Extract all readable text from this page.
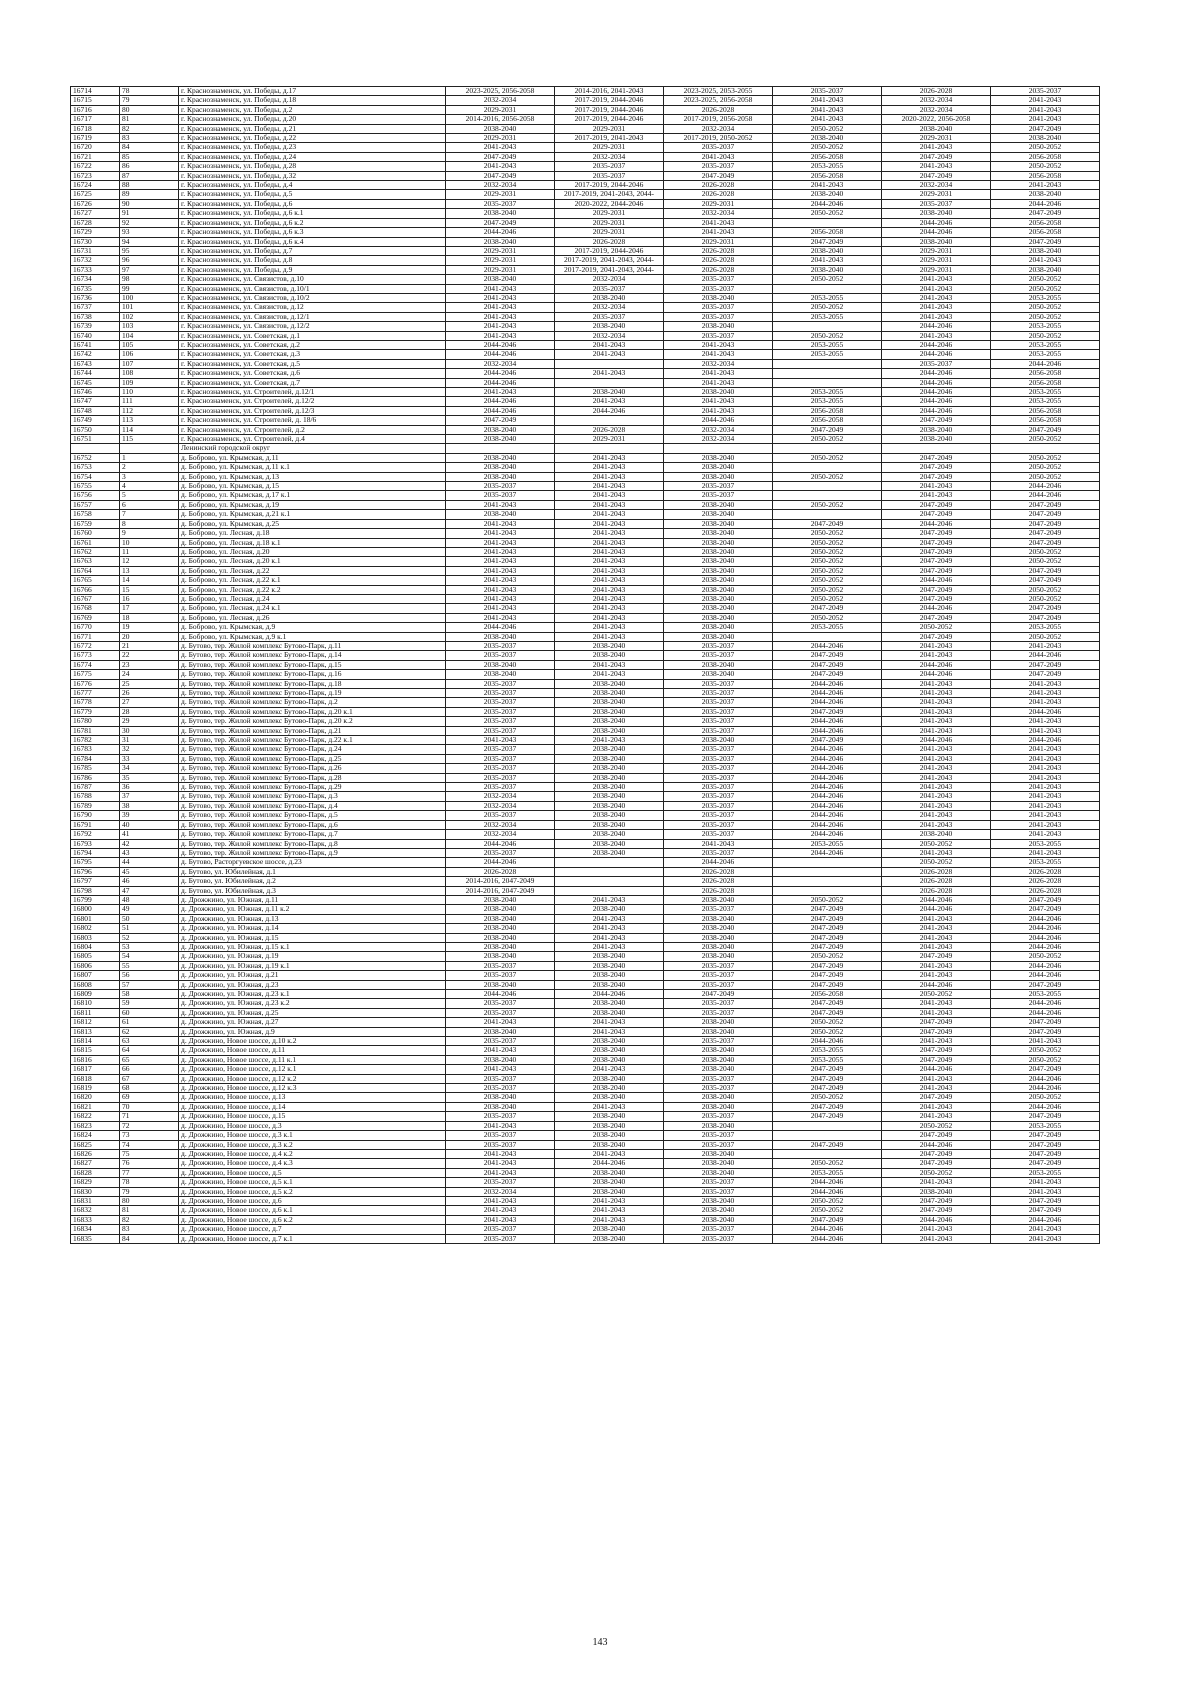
16714	78	г. Краснознаменск, ул. Победы, д.17	2023-2025, 2056-2058	2014-2016, 2041-2043	2023-2025, 2053-2055	2035-2037	2026-2028	2035-2037
16715	79	г. Краснознаменск, ул. Победы, д.18	2032-2034	2017-2019, 2044-2046	2023-2025, 2056-2058	2041-2043	2032-2034	2041-2043
16716	80	г. Краснознаменск, ул. Победы, д.2	2029-2031	2017-2019, 2044-2046	2026-2028	2041-2043	2032-2034	2041-2043
16717	81	г. Краснознаменск, ул. Победы, д.20	2014-2016, 2056-2058	2017-2019, 2044-2046	2017-2019, 2056-2058	2041-2043	2020-2022, 2056-2058	2041-2043
16718	82	г. Краснознаменск, ул. Победы, д.21	2038-2040	2029-2031	2032-2034	2050-2052	2038-2040	2047-2049
16719	83	г. Краснознаменск, ул. Победы, д.22	2029-2031	2017-2019, 2041-2043	2017-2019, 2050-2052	2038-2040	2029-2031	2038-2040
16720	84	г. Краснознаменск, ул. Победы, д.23	2041-2043	2029-2031	2035-2037	2050-2052	2041-2043	2050-2052
16721	85	г. Краснознаменск, ул. Победы, д.24	2047-2049	2032-2034	2041-2043	2056-2058	2047-2049	2056-2058
16722	86	г. Краснознаменск, ул. Победы, д.28	2041-2043	2035-2037	2035-2037	2053-2055	2041-2043	2050-2052
16723	87	г. Краснознаменск, ул. Победы, д.32	2047-2049	2035-2037	2047-2049	2056-2058	2047-2049	2056-2058
16724	88	г. Краснознаменск, ул. Победы, д.4	2032-2034	2017-2019, 2044-2046	2026-2028	2041-2043	2032-2034	2041-2043
16725	89	г. Краснознаменск, ул. Победы, д.5	2029-2031	2017-2019, 2041-2043, 2044-	2026-2028	2038-2040	2029-2031	2038-2040
16726	90	г. Краснознаменск, ул. Победы, д.6	2035-2037	2020-2022, 2044-2046	2029-2031	2044-2046	2035-2037	2044-2046
16727	91	г. Краснознаменск, ул. Победы, д.6 к.1	2038-2040	2029-2031	2032-2034	2050-2052	2038-2040	2047-2049
16728	92	г. Краснознаменск, ул. Победы, д.6 к.2	2047-2049	2029-2031	2041-2043		2044-2046	2056-2058
16729	93	г. Краснознаменск, ул. Победы, д.6 к.3	2044-2046	2029-2031	2041-2043	2056-2058	2044-2046	2056-2058
16730	94	г. Краснознаменск, ул. Победы, д.6 к.4	2038-2040	2026-2028	2029-2031	2047-2049	2038-2040	2047-2049
16731	95	г. Краснознаменск, ул. Победы, д.7	2029-2031	2017-2019, 2044-2046	2026-2028	2038-2040	2029-2031	2038-2040
16732	96	г. Краснознаменск, ул. Победы, д.8	2029-2031	2017-2019, 2041-2043, 2044-	2026-2028	2041-2043	2029-2031	2041-2043
16733	97	г. Краснознаменск, ул. Победы, д.9	2029-2031	2017-2019, 2041-2043, 2044-	2026-2028	2038-2040	2029-2031	2038-2040
16734	98	г. Краснознаменск, ул. Связистов, д.10	2038-2040	2032-2034	2035-2037	2050-2052	2041-2043	2050-2052
16735	99	г. Краснознаменск, ул. Связистов, д.10/1	2041-2043	2035-2037	2035-2037		2041-2043	2050-2052
16736	100	г. Краснознаменск, ул. Связистов, д.10/2	2041-2043	2038-2040	2038-2040	2053-2055	2041-2043	2053-2055
16737	101	г. Краснознаменск, ул. Связистов, д.12	2041-2043	2032-2034	2035-2037	2050-2052	2041-2043	2050-2052
16738	102	г. Краснознаменск, ул. Связистов, д.12/1	2041-2043	2035-2037	2035-2037	2053-2055	2041-2043	2050-2052
16739	103	г. Краснознаменск, ул. Связистов, д.12/2	2041-2043	2038-2040	2038-2040		2044-2046	2053-2055
16740	104	г. Краснознаменск, ул. Советская, д.1	2041-2043	2032-2034	2035-2037	2050-2052	2041-2043	2050-2052
16741	105	г. Краснознаменск, ул. Советская, д.2	2044-2046	2041-2043	2041-2043	2053-2055	2044-2046	2053-2055
16742	106	г. Краснознаменск, ул. Советская, д.3	2044-2046	2041-2043	2041-2043	2053-2055	2044-2046	2053-2055
16743	107	г. Краснознаменск, ул. Советская, д.5	2032-2034		2032-2034		2035-2037	2044-2046
16744	108	г. Краснознаменск, ул. Советская, д.6	2044-2046	2041-2043	2041-2043		2044-2046	2056-2058
16745	109	г. Краснознаменск, ул. Советская, д.7	2044-2046		2041-2043		2044-2046	2056-2058
16746	110	г. Краснознаменск, ул. Строителей, д.12/1	2041-2043	2038-2040	2038-2040	2053-2055	2044-2046	2053-2055
16747	111	г. Краснознаменск, ул. Строителей, д.12/2	2044-2046	2041-2043	2041-2043	2053-2055	2044-2046	2053-2055
16748	112	г. Краснознаменск, ул. Строителей, д.12/3	2044-2046	2044-2046	2041-2043	2056-2058	2044-2046	2056-2058
16749	113	г. Краснознаменск, ул. Строителей, д. 18/6	2047-2049		2044-2046	2056-2058	2047-2049	2056-2058
16750	114	г. Краснознаменск, ул. Строителей, д.2	2038-2040	2026-2028	2032-2034	2047-2049	2038-2040	2047-2049
16751	115	г. Краснознаменск, ул. Строителей, д.4	2038-2040	2029-2031	2032-2034	2050-2052	2038-2040	2050-2052
		Ленинский городской округ						
16752	1	д. Боброво, ул. Крымская, д.11	2038-2040	2041-2043	2038-2040	2050-2052	2047-2049	2050-2052
16753	2	д. Боброво, ул. Крымская, д.11 к.1	2038-2040	2041-2043	2038-2040		2047-2049	2050-2052
16754	3	д. Боброво, ул. Крымская, д.13	2038-2040	2041-2043	2038-2040	2050-2052	2047-2049	2050-2052
16755	4	д. Боброво, ул. Крымская, д.15	2035-2037	2041-2043	2035-2037		2041-2043	2044-2046
16756	5	д. Боброво, ул. Крымская, д.17 к.1	2035-2037	2041-2043	2035-2037		2041-2043	2044-2046
16757	6	д. Боброво, ул. Крымская, д.19	2041-2043	2041-2043	2038-2040	2050-2052	2047-2049	2047-2049
16758	7	д. Боброво, ул. Крымская, д.21 к.1	2038-2040	2041-2043	2038-2040		2047-2049	2047-2049
16759	8	д. Боброво, ул. Крымская, д.25	2041-2043	2041-2043	2038-2040	2047-2049	2044-2046	2047-2049
16760	9	д. Боброво, ул. Лесная, д.18	2041-2043	2041-2043	2038-2040	2050-2052	2047-2049	2047-2049
16761	10	д. Боброво, ул. Лесная, д.18 к.1	2041-2043	2041-2043	2038-2040	2050-2052	2047-2049	2047-2049
16762	11	д. Боброво, ул. Лесная, д.20	2041-2043	2041-2043	2038-2040	2050-2052	2047-2049	2050-2052
16763	12	д. Боброво, ул. Лесная, д.20 к.1	2041-2043	2041-2043	2038-2040	2050-2052	2047-2049	2050-2052
16764	13	д. Боброво, ул. Лесная, д.22	2041-2043	2041-2043	2038-2040	2050-2052	2047-2049	2047-2049
16765	14	д. Боброво, ул. Лесная, д.22 к.1	2041-2043	2041-2043	2038-2040	2050-2052	2044-2046	2047-2049
16766	15	д. Боброво, ул. Лесная, д.22 к.2	2041-2043	2041-2043	2038-2040	2050-2052	2047-2049	2050-2052
16767	16	д. Боброво, ул. Лесная, д.24	2041-2043	2041-2043	2038-2040	2050-2052	2047-2049	2050-2052
16768	17	д. Боброво, ул. Лесная, д.24 к.1	2041-2043	2041-2043	2038-2040	2047-2049	2044-2046	2047-2049
16769	18	д. Боброво, ул. Лесная, д.26	2041-2043	2041-2043	2038-2040	2050-2052	2047-2049	2047-2049
16770	19	д. Боброво, ул. Крымская, д.9	2044-2046	2041-2043	2038-2040	2053-2055	2050-2052	2053-2055
16771	20	д. Боброво, ул. Крымская, д.9 к.1	2038-2040	2041-2043	2038-2040		2047-2049	2050-2052
16772	21	д. Бутово, тер. Жилой комплекс Бутово-Парк, д.11	2035-2037	2038-2040	2035-2037	2044-2046	2041-2043	2041-2043
16773	22	д. Бутово, тер. Жилой комплекс Бутово-Парк, д.14	2035-2037	2038-2040	2035-2037	2047-2049	2041-2043	2044-2046
16774	23	д. Бутово, тер. Жилой комплекс Бутово-Парк, д.15	2038-2040	2041-2043	2038-2040	2047-2049	2044-2046	2047-2049
16775	24	д. Бутово, тер. Жилой комплекс Бутово-Парк, д.16	2038-2040	2041-2043	2038-2040	2047-2049	2044-2046	2047-2049
16776	25	д. Бутово, тер. Жилой комплекс Бутово-Парк, д.18	2035-2037	2038-2040	2035-2037	2044-2046	2041-2043	2041-2043
16777	26	д. Бутово, тер. Жилой комплекс Бутово-Парк, д.19	2035-2037	2038-2040	2035-2037	2044-2046	2041-2043	2041-2043
16778	27	д. Бутово, тер. Жилой комплекс Бутово-Парк, д.2	2035-2037	2038-2040	2035-2037	2044-2046	2041-2043	2041-2043
16779	28	д. Бутово, тер. Жилой комплекс Бутово-Парк, д.20 к.1	2035-2037	2038-2040	2035-2037	2047-2049	2041-2043	2044-2046
16780	29	д. Бутово, тер. Жилой комплекс Бутово-Парк, д.20 к.2	2035-2037	2038-2040	2035-2037	2044-2046	2041-2043	2041-2043
16781	30	д. Бутово, тер. Жилой комплекс Бутово-Парк, д.21	2035-2037	2038-2040	2035-2037	2044-2046	2041-2043	2041-2043
16782	31	д. Бутово, тер. Жилой комплекс Бутово-Парк, д.22 к.1	2041-2043	2041-2043	2038-2040	2047-2049	2044-2046	2044-2046
16783	32	д. Бутово, тер. Жилой комплекс Бутово-Парк, д.24	2035-2037	2038-2040	2035-2037	2044-2046	2041-2043	2041-2043
16784	33	д. Бутово, тер. Жилой комплекс Бутово-Парк, д.25	2035-2037	2038-2040	2035-2037	2044-2046	2041-2043	2041-2043
16785	34	д. Бутово, тер. Жилой комплекс Бутово-Парк, д.26	2035-2037	2038-2040	2035-2037	2044-2046	2041-2043	2041-2043
16786	35	д. Бутово, тер. Жилой комплекс Бутово-Парк, д.28	2035-2037	2038-2040	2035-2037	2044-2046	2041-2043	2041-2043
16787	36	д. Бутово, тер. Жилой комплекс Бутово-Парк, д.29	2035-2037	2038-2040	2035-2037	2044-2046	2041-2043	2041-2043
16788	37	д. Бутово, тер. Жилой комплекс Бутово-Парк, д.3	2032-2034	2038-2040	2035-2037	2044-2046	2041-2043	2041-2043
16789	38	д. Бутово, тер. Жилой комплекс Бутово-Парк, д.4	2032-2034	2038-2040	2035-2037	2044-2046	2041-2043	2041-2043
16790	39	д. Бутово, тер. Жилой комплекс Бутово-Парк, д.5	2035-2037	2038-2040	2035-2037	2044-2046	2041-2043	2041-2043
16791	40	д. Бутово, тер. Жилой комплекс Бутово-Парк, д.6	2032-2034	2038-2040	2035-2037	2044-2046	2041-2043	2041-2043
16792	41	д. Бутово, тер. Жилой комплекс Бутово-Парк, д.7	2032-2034	2038-2040	2035-2037	2044-2046	2038-2040	2041-2043
16793	42	д. Бутово, тер. Жилой комплекс Бутово-Парк, д.8	2044-2046	2038-2040	2041-2043	2053-2055	2050-2052	2053-2055
16794	43	д. Бутово, тер. Жилой комплекс Бутово-Парк, д.9	2035-2037	2038-2040	2035-2037	2044-2046	2041-2043	2041-2043
16795	44	д. Бутово, Расторгуевское шоссе, д.23	2044-2046		2044-2046		2050-2052	2053-2055
16796	45	д. Бутово, ул. Юбилейная, д.1	2026-2028		2026-2028		2026-2028	2026-2028
16797	46	д. Бутово, ул. Юбилейная, д.2	2014-2016, 2047-2049		2026-2028		2026-2028	2026-2028
16798	47	д. Бутово, ул. Юбилейная, д.3	2014-2016, 2047-2049		2026-2028		2026-2028	2026-2028
16799	48	д. Дрожжино, ул. Южная, д.11	2038-2040	2041-2043	2038-2040	2050-2052	2044-2046	2047-2049
16800	49	д. Дрожжино, ул. Южная, д.11 к.2	2038-2040	2038-2040	2035-2037	2047-2049	2044-2046	2047-2049
16801	50	д. Дрожжино, ул. Южная, д.13	2038-2040	2041-2043	2038-2040	2047-2049	2041-2043	2044-2046
16802	51	д. Дрожжино, ул. Южная, д.14	2038-2040	2041-2043	2038-2040	2047-2049	2041-2043	2044-2046
16803	52	д. Дрожжино, ул. Южная, д.15	2038-2040	2041-2043	2038-2040	2047-2049	2041-2043	2044-2046
16804	53	д. Дрожжино, ул. Южная, д.15 к.1	2038-2040	2041-2043	2038-2040	2047-2049	2041-2043	2044-2046
16805	54	д. Дрожжино, ул. Южная, д.19	2038-2040	2038-2040	2038-2040	2050-2052	2047-2049	2050-2052
16806	55	д. Дрожжино, ул. Южная, д.19 к.1	2035-2037	2038-2040	2035-2037	2047-2049	2041-2043	2044-2046
16807	56	д. Дрожжино, ул. Южная, д.21	2035-2037	2038-2040	2035-2037	2047-2049	2041-2043	2044-2046
16808	57	д. Дрожжино, ул. Южная, д.23	2038-2040	2038-2040	2035-2037	2047-2049	2044-2046	2047-2049
16809	58	д. Дрожжино, ул. Южная, д.23 к.1	2044-2046	2044-2046	2047-2049	2056-2058	2050-2052	2053-2055
16810	59	д. Дрожжино, ул. Южная, д.23 к.2	2035-2037	2038-2040	2035-2037	2047-2049	2041-2043	2044-2046
16811	60	д. Дрожжино, ул. Южная, д.25	2035-2037	2038-2040	2035-2037	2047-2049	2041-2043	2044-2046
16812	61	д. Дрожжино, ул. Южная, д.27	2041-2043	2041-2043	2038-2040	2050-2052	2047-2049	2047-2049
16813	62	д. Дрожжино, ул. Южная, д.9	2038-2040	2041-2043	2038-2040	2050-2052	2047-2049	2047-2049
16814	63	д. Дрожжино, Новое шоссе, д.10 к.2	2035-2037	2038-2040	2035-2037	2044-2046	2041-2043	2041-2043
16815	64	д. Дрожжино, Новое шоссе, д.11	2041-2043	2038-2040	2038-2040	2053-2055	2047-2049	2050-2052
16816	65	д. Дрожжино, Новое шоссе, д.11 к.1	2038-2040	2038-2040	2038-2040	2053-2055	2047-2049	2050-2052
16817	66	д. Дрожжино, Новое шоссе, д.12 к.1	2041-2043	2041-2043	2038-2040	2047-2049	2044-2046	2047-2049
16818	67	д. Дрожжино, Новое шоссе, д.12 к.2	2035-2037	2038-2040	2035-2037	2047-2049	2041-2043	2044-2046
16819	68	д. Дрожжино, Новое шоссе, д.12 к.3	2035-2037	2038-2040	2035-2037	2047-2049	2041-2043	2044-2046
16820	69	д. Дрожжино, Новое шоссе, д.13	2038-2040	2038-2040	2038-2040	2050-2052	2047-2049	2050-2052
16821	70	д. Дрожжино, Новое шоссе, д.14	2038-2040	2041-2043	2038-2040	2047-2049	2041-2043	2044-2046
16822	71	д. Дрожжино, Новое шоссе, д.15	2035-2037	2038-2040	2035-2037	2047-2049	2041-2043	2047-2049
16823	72	д. Дрожжино, Новое шоссе, д.3	2041-2043	2038-2040	2038-2040		2050-2052	2053-2055
16824	73	д. Дрожжино, Новое шоссе, д.3 к.1	2035-2037	2038-2040	2035-2037		2047-2049	2047-2049
16825	74	д. Дрожжино, Новое шоссе, д.3 к.2	2035-2037	2038-2040	2035-2037	2047-2049	2044-2046	2047-2049
16826	75	д. Дрожжино, Новое шоссе, д.4 к.2	2041-2043	2041-2043	2038-2040		2047-2049	2047-2049
16827	76	д. Дрожжино, Новое шоссе, д.4 к.3	2041-2043	2044-2046	2038-2040	2050-2052	2047-2049	2047-2049
16828	77	д. Дрожжино, Новое шоссе, д.5	2041-2043	2038-2040	2038-2040	2053-2055	2050-2052	2053-2055
16829	78	д. Дрожжино, Новое шоссе, д.5 к.1	2035-2037	2038-2040	2035-2037	2044-2046	2041-2043	2041-2043
16830	79	д. Дрожжино, Новое шоссе, д.5 к.2	2032-2034	2038-2040	2035-2037	2044-2046	2038-2040	2041-2043
16831	80	д. Дрожжино, Новое шоссе, д.6	2041-2043	2041-2043	2038-2040	2050-2052	2047-2049	2047-2049
16832	81	д. Дрожжино, Новое шоссе, д.6 к.1	2041-2043	2041-2043	2038-2040	2050-2052	2047-2049	2047-2049
16833	82	д. Дрожжино, Новое шоссе, д.6 к.2	2041-2043	2041-2043	2038-2040	2047-2049	2044-2046	2044-2046
16834	83	д. Дрожжино, Новое шоссе, д.7	2035-2037	2038-2040	2035-2037	2044-2046	2041-2043	2041-2043
16835	84	д. Дрожжино, Новое шоссе, д.7 к.1	2035-2037	2038-2040	2035-2037	2044-2046	2041-2043	2041-2043
143
